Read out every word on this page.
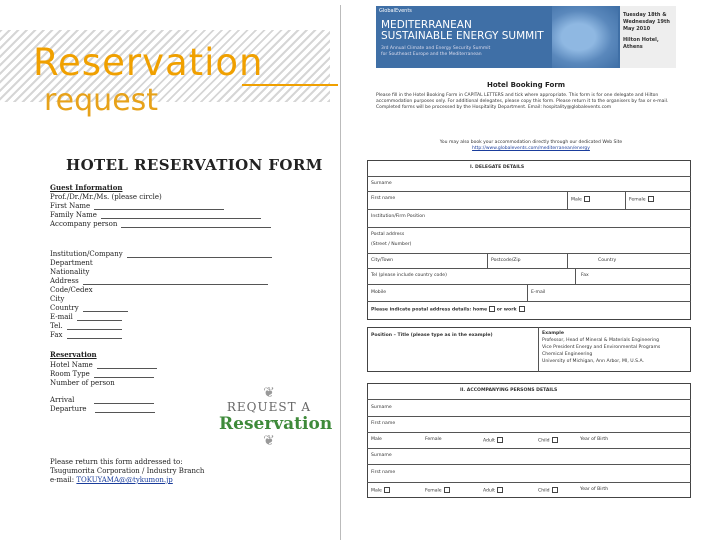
Reservation
request
HOTEL RESERVATION FORM
Guest Information
Prof./Dr./Mr./Ms. (please circle)
First Name
Family Name
Accompany person
Institution/Company
Department
Nationality
Address
Code/Cedex
City
Country
E-mail
Tel.
Fax
Reservation
Hotel Name
Room Type
Number of person
Arrival
Departure
❦
REQUEST A
Reservation
❦
Please return this form addressed to:
Tsugumorita Corporation / Industry Branch
e-mail: TOKUYAMA@@tykumon.jp
GlobalEvents
MEDITERRANEAN
SUSTAINABLE ENERGY SUMMIT
3rd Annual Climate and Energy Security Summit
for Southeast Europe and the Mediterranean
Tuesday 18th &
Wednesday 19th
May 2010
Hilton Hotel, Athens
Hotel Booking Form
Please fill in the Hotel Booking Form in CAPITAL LETTERS and tick where appropriate. This form is for one delegate and Hilton accommodation purposes only. For additional delegates, please copy this form. Please return it to the organisers by fax or e-mail. Completed forms will be processed by the Hospitality Department. Email: hospitality@globalevents.com
You may also book your accommodation directly through our dedicated Web Site
http://www.globalevents.com/mediterranean/energy
I. DELEGATE DETAILS
Surname
First name	Male	Female
Institution/Firm Position
Postal address
(Street / Number)
City/Town	Postcode/Zip	Country
Tel (please include country code)	Fax
Mobile	E-mail
Please indicate postal address details: home or work
Position – Title (please type as in the example)	Example
Professor, Head of Mineral & Materials Engineering
Vice President Energy and Environmental Programs
Chemical Engineering
University of Michigan, Ann Arbor, MI, U.S.A.
II. ACCOMPANYING PERSONS DETAILS
Surname
First name
Male	Female	Adult	Child	Year of Birth
Surname
First name
Male	Female	Adult	Child	Year of Birth
